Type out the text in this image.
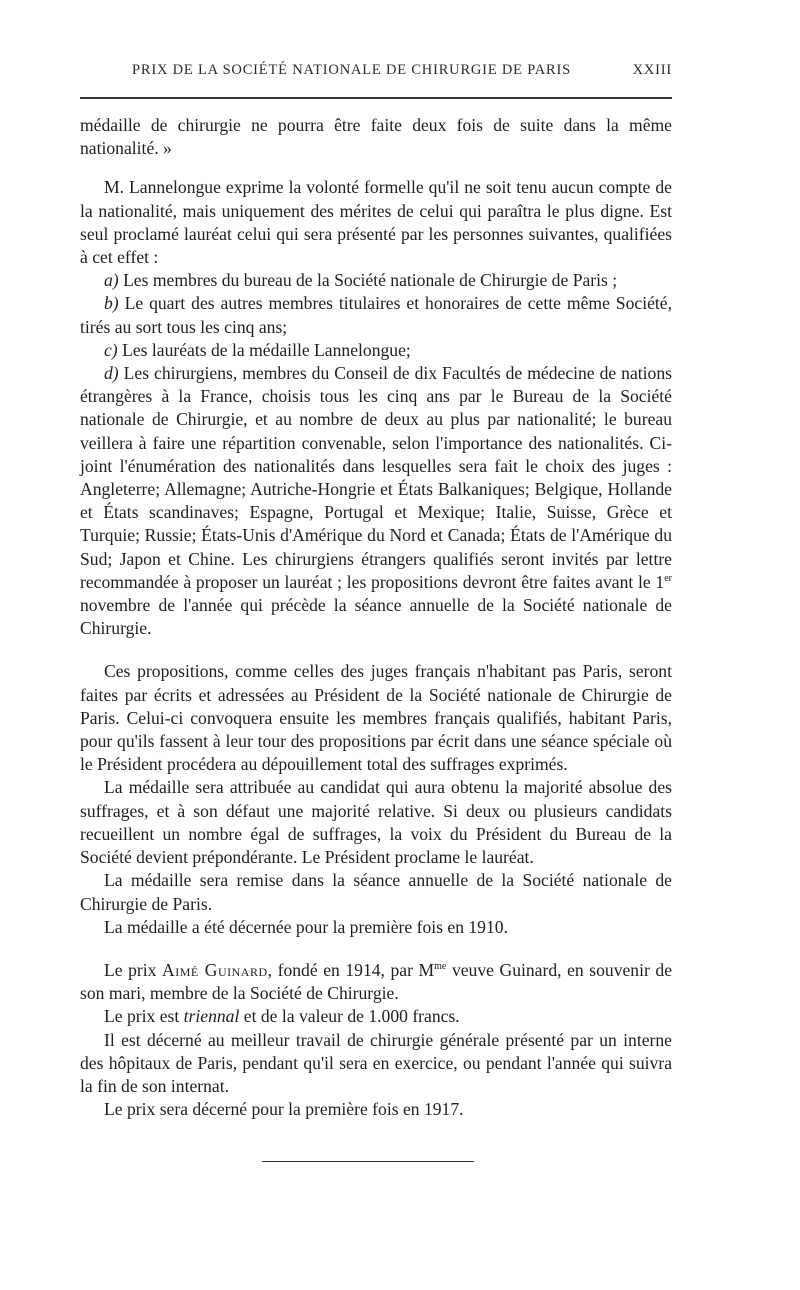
PRIX DE LA SOCIÉTÉ NATIONALE DE CHIRURGIE DE PARIS	XXIII

médaille de chirurgie ne pourra être faite deux fois de suite dans la même nationalité. »

M. Lannelongue exprime la volonté formelle qu'il ne soit tenu aucun compte de la nationalité, mais uniquement des mérites de celui qui paraîtra le plus digne. Est seul proclamé lauréat celui qui sera présenté par les personnes suivantes, qualifiées à cet effet :

a) Les membres du bureau de la Société nationale de Chirurgie de Paris ;

b) Le quart des autres membres titulaires et honoraires de cette même Société, tirés au sort tous les cinq ans;

c) Les lauréats de la médaille Lannelongue;

d) Les chirurgiens, membres du Conseil de dix Facultés de médecine de nations étrangères à la France, choisis tous les cinq ans par le Bureau de la Société nationale de Chirurgie, et au nombre de deux au plus par nationalité; le bureau veillera à faire une répartition convenable, selon l'importance des nationalités. Ci-joint l'énumération des nationalités dans lesquelles sera fait le choix des juges : Angleterre; Allemagne; Autriche-Hongrie et États Balkaniques; Belgique, Hollande et États scandinaves; Espagne, Portugal et Mexique; Italie, Suisse, Grèce et Turquie; Russie; États-Unis d'Amérique du Nord et Canada; États de l'Amérique du Sud; Japon et Chine. Les chirurgiens étrangers qualifiés seront invités par lettre recommandée à proposer un lauréat ; les propositions devront être faites avant le 1er novembre de l'année qui précède la séance annuelle de la Société nationale de Chirurgie.

Ces propositions, comme celles des juges français n'habitant pas Paris, seront faites par écrits et adressées au Président de la Société nationale de Chirurgie de Paris. Celui-ci convoquera ensuite les membres français qualifiés, habitant Paris, pour qu'ils fassent à leur tour des propositions par écrit dans une séance spéciale où le Président procédera au dépouillement total des suffrages exprimés.

La médaille sera attribuée au candidat qui aura obtenu la majorité absolue des suffrages, et à son défaut une majorité relative. Si deux ou plusieurs candidats recueillent un nombre égal de suffrages, la voix du Président du Bureau de la Société devient prépondérante. Le Président proclame le lauréat.

La médaille sera remise dans la séance annuelle de la Société nationale de Chirurgie de Paris.

La médaille a été décernée pour la première fois en 1910.

Le prix Aimé Guinard, fondé en 1914, par $M^{me}$ veuve Guinard, en souvenir de son mari, membre de la Société de Chirurgie.

Le prix est triennal et de la valeur de 1.000 francs.

Il est décerné au meilleur travail de chirurgie générale présenté par un interne des hôpitaux de Paris, pendant qu'il sera en exercice, ou pendant l'année qui suivra la fin de son internat.

Le prix sera décerné pour la première fois en 1917.
